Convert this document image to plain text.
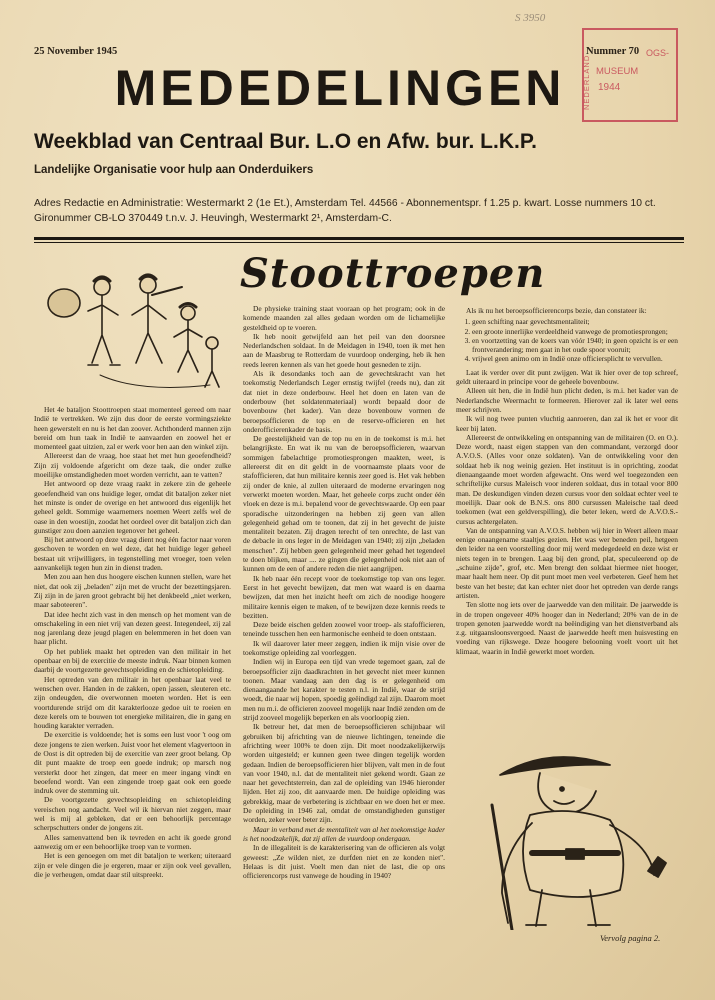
S 3950
25 November 1945	Nummer 70
NEDERLAND
OGS-
MUSEUM
1944
MEDEDELINGEN
Weekblad van Centraal Bur. L.O en Afw. bur. L.K.P.
Landelijke Organisatie voor hulp aan Onderduikers
Adres Redactie en Administratie: Westermarkt 2 (1e Et.), Amsterdam Tel. 44566 - Abonnementspr. f 1.25 p. kwart. Losse nummers 10 ct.
Gironummer CB-LO 370449 t.n.v. J. Heuvingh, Westermarkt 2¹, Amsterdam-C.
Stoottroepen

Het 4e bataljon Stoottroepen staat momenteel gereed om naar Indië te vertrekken. We zijn dus door de eerste vormingsziekte heen gewerstelt en nu is het dan zoover. Achthonderd mannen zijn bereid om hun taak in Indië te aanvaarden en zoowel het er momenteel gaat uitzien, zal er werk voor hen aan den winkel zijn.

Allereerst dan de vraag, hoe staat het met hun geoefendheid? Zijn zij voldoende afgericht om deze taak, die onder zulke moeilijke omstandigheden moet worden verricht, aan te vatten?

Het antwoord op deze vraag raakt in zekere zin de geheele geoefendheid van ons huidige leger, omdat dit bataljon zeker niet het minste is onder de overige en het antwoord dus eigenlijk het geheel geldt. Sommige waarnemers noemen Weert zelfs wel de oase in den woestijn, zoodat het oordeel over dit bataljon zich dan gunstiger zou doen aanzien tegenover het geheel.

Bij het antwoord op deze vraag dient nog één factor naar voren geschoven te worden en wel deze, dat het huidige leger geheel bestaat uit vrijwilligers, in tegenstelling met vroeger, toen velen aanvankelijk tegen hun zin in dienst traden.

Men zou aan hen dus hoogere eischen kunnen stellen, ware het niet, dat ook zij „beladen" zijn met de vrucht der bezettingsjaren. Zij zijn in de jaren groot gebracht bij het denkbeeld „niet werken, maar saboteeren".

Dat idee hecht zich vast in den mensch op het moment van de omschakeling in een niet vrij van dezen geest. Integendeel, zij zal nog jarenlang deze jeugd plagen en belemmeren in het doen van haar plicht.

Op het publiek maakt het optreden van den militair in het openbaar en bij de exercitie de meeste indruk. Naar binnen komen daarbij de voortgezette gevechtsopleiding en de schietopleiding.

Het optreden van den militair in het openbaar laat veel te wenschen over. Handen in de zakken, open jassen, sleuteren etc. zijn ondeugden, die overwonnen moeten worden. Het is een voortdurende strijd om dit karakterlooze gedoe uit te roeien en deze kerels om te bouwen tot energieke militairen, die in gang en houding karakter verraden.

De exercitie is voldoende; het is soms een lust voor 't oog om deze jongens te zien werken. Juist voor het element vlagvertoon in de Oost is dit optreden bij de exercitie van zeer groot belang. Op dit punt maakte de troep een goede indruk; op marsch nog versterkt door het zingen, dat meer en meer ingang vindt en beoefend wordt. Van een zingende troep gaat ook een goede indruk over de stemming uit.

De voortgezette gevechtsopleiding en schietopleiding vereischen nog aandacht. Veel wil ik hiervan niet zeggen, maar wel is mij al gebleken, dat er een behoorlijk percentage scherpschutters onder de jongens zit.

Alles samenvattend ben ik tevreden en acht ik goede grond aanwezig om er een behoorlijke troep van te vormen.

Het is een genoegen om met dit bataljon te werken; uiteraard zijn er vele dingen die je ergeren, maar er zijn ook veel gevallen, die je verheugen, omdat daar stil uitspreekt.

De physieke training staat vooraan op het program; ook in de komende maanden zal alles gedaan worden om de lichamelijke gesteldheid op te voeren.

Ik heb nooit getwijfeld aan het peil van den doorsnee Nederlandschen soldaat. In de Meidagen in 1940, toen ik met hen aan de Maasbrug te Rotterdam de vuurdoop onderging, heb ik hen reeds leeren kennen als van het goede hout gesneden te zijn.

Als ik desondanks toch aan de gevechtskracht van het toekomstig Nederlandsch Leger ernstig twijfel (reeds nu), dan zit dat niet in deze onderbouw. Heel het doen en laten van de onderbouw (het soldatenmateriaal) wordt bepaald door de bovenbouw (het kader). Van deze bovenbouw vormen de beroepsofficieren de top en de reserve-officieren en het onderofficierenkader de basis.

De geestelijkheid van de top nu en in de toekomst is m.i. het belangrijkste. En wat ik nu van de beroepsofficieren, waarvan sommigen fabelachtige promotiesprongen maakten, weet, is allereerst dit en dit geldt in de voornaamste plaats voor de stafofficieren, dat hun militaire kennis zeer goed is. Het vak hebben zij onder de knie, al zullen uiteraard de moderne ervaringen nog verwerkt moeten worden. Maar, het geheele corps zucht onder één vloek en deze is m.i. bepalend voor de gevechtswaarde. Op een paar sporadische uitzonderingen na hebben zij geen van allen gelegenheid gehad om te toonen, dat zij in het gevecht de juiste mentaliteit bezaten. Zij dragen terecht of ten onrechte, de last van de debacle in ons leger in de Meidagen van 1940; zij zijn „beladen menschen". Zij hebben geen gelegenheid meer gehad het tegendeel te doen blijken, maar .... ze gingen die gelegenheid ook niet aan of kunnen om de een of andere reden die niet aangrijpen.

Ik heb naar één recept voor de toekomstige top van ons leger. Eerst in het gevecht bewijzen, dat men wat waard is en daarna bewijzen, dat men het inzicht heeft om zich de noodige hoogere militaire kennis eigen te maken, of te bewijzen deze kennis reeds te bezitten.

Deze beide eischen gelden zoowel voor troep- als stafofficieren, teneinde tusschen hen een harmonische eenheid te doen ontstaan.

Ik wil daarover later meer zeggen, indien ik mijn visie over de toekomstige opleiding zal voorleggen.

Indien wij in Europa een tijd van vrede tegemoet gaan, zal de beroepsofficier zijn daadkrachten in het gevecht niet meer kunnen toonen. Maar vandaag aan den dag is er gelegenheid om dienaangaande het karakter te testen n.l. in Indië, waar de strijd woedt, die naar wij hopen, spoedig geëindigd zal zijn. Daarom moet men nu m.i. de officieren zooveel mogelijk naar Indië zenden om de strijd zooveel mogelijk beperken en als voorloopig zien.

Ik betreur het, dat men de beroepsofficieren schijnbaar wil gebruiken bij africhting van de nieuwe lichtingen, teneinde die africhting weer 100% te doen zijn. Dit moet noodzakelijkerwijs worden uitgesteld; er kunnen geen twee dingen tegelijk worden gedaan. Indien de beroepsofficieren hier blijven, valt men in de fout van voor 1940, n.l. dat de mentaliteit niet gekend wordt. Gaan ze naar het gevechtsterrein, dan zal de opleiding van 1946 hieronder lijden. Het zij zoo, dit aanvaarde men. De huidige opleiding was gebrekkig, maar de verbetering is zichtbaar en we doen het er mee. De opleiding in 1946 zal, omdat de omstandigheden gunstiger worden, zeker weer beter zijn.

Maar in verband met de mentaliteit van al het toekomstige kader is het noodzakelijk, dat zij allen de vuurdoop ondergaan.

In de illegaliteit is de karakterisering van de officieren als volgt geweest: „Ze wilden niet, ze durfden niet en ze konden niet". Helaas is dit juist. Voelt men dan niet de last, die op ons officierencorps rust vanwege de houding in 1940?

Als ik nu het beroepsofficierencorps bezie, dan constateer ik:

1. geen schifting naar gevechtsmentaliteit;
2. een groote innerlijke verdeeldheid vanwege de promotiesprongen;
3. en voortzetting van de koers van vóór 1940; in geen opzicht is er een frontverandering; men gaat in het oude spoor vooruit;
4. vrijwel geen animo om in Indië onze officiersplicht te vervullen.

Laat ik verder over dit punt zwijgen. Wat ik hier over de top schreef, geldt uiteraard in principe voor de geheele bovenbouw.

Alleen uit hen, die in Indië hun plicht deden, is m.i. het kader van de Nederlandsche Weermacht te formeeren. Hierover zal ik later wel eens meer schrijven.

Ik wil nog twee punten vluchtig aanroeren, dan zal ik het er voor dit keer bij laten.

Allereerst de ontwikkeling en ontspanning van de militairen (O. en O.). Deze wordt, naast eigen stappen van den commandant, verzorgd door A.V.O.S. (Alles voor onze soldaten). Van de ontwikkeling voor den soldaat heb ik nog weinig gezien. Het instituut is in oprichting, zoodat dienaangaande moet worden afgewacht. Ons werd wel toegezonden een schriftelijke cursus Maleisch voor inderen soldaat, dus in totaal voor 800 man. De deskundigen vinden dezen cursus voor den soldaat echter veel te moeilijk. Daar ook de B.N.S. ons 800 cursussen Maleische taal deed toekomen (wat een geldverspilling), die beter leken, werd de A.V.O.S.-cursus achtergelaten.

Van de ontspanning van A.V.O.S. hebben wij hier in Weert alleen maar eenige onaangename staaltjes gezien. Het was wer beneden peil, hetgeen den leider na een voorstelling door mij werd medegedeeld en deze wist er niets tegen in te brengen. Laag bij den grond, plat, speculeerend op de „schuine zijde", grof, etc. Men brengt den soldaat hiermee niet hooger, maar haalt hem neer. Op dit punt moet men veel verbeteren. Geef hem het beste van het beste; dat kan echter niet door het optreden van derde rangs artisten.

Ten slotte nog iets over de jaarwedde van den militair. De jaarwedde is in de tropen ongeveer 40% hooger dan in Nederland; 20% van de in de tropen genoten jaarwedde wordt na beëindiging van het dienstverband als z.g. uitgaansloonsvergoed. Naast de jaarwedde heeft men huisvesting en voeding van rijkswege. Deze hoogere belooning voelt voort uit het klimaat, waarin in Indië gewerkt moet worden.

Vervolg pagina 2.
